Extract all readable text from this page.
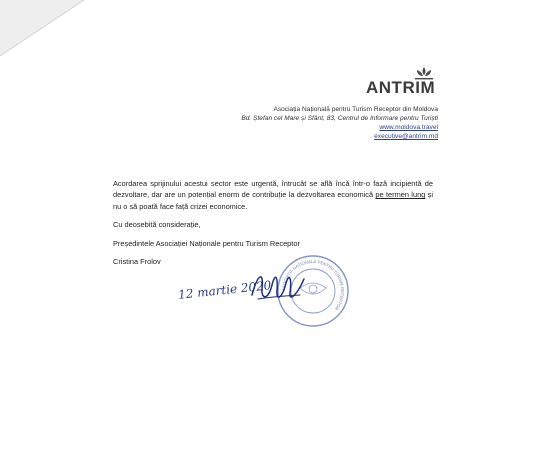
ANTRIM
Asociația Națională pentru Turism Receptor din Moldova
Bd. Ștefan cel Mare și Sfânt, 83, Centrul de Informare pentru Turiști
www.moldova.travel
executive@antrim.md
Acordarea sprijinului acestui sector este urgentă, întrucât se află încă într-o fază incipientă de dezvoltare, dar are un potențial enorm de contribuție la dezvoltarea economică pe termen lung și nu o să poată face față crizei economice.
Cu deosebită considerație,
Președintele Asociației Naționale pentru Turism Receptor
Cristina Frolov
12 martie 2020 ASOCIAȚIA NAȚIONALĂ PENTRU TURISM RECEPTOR
